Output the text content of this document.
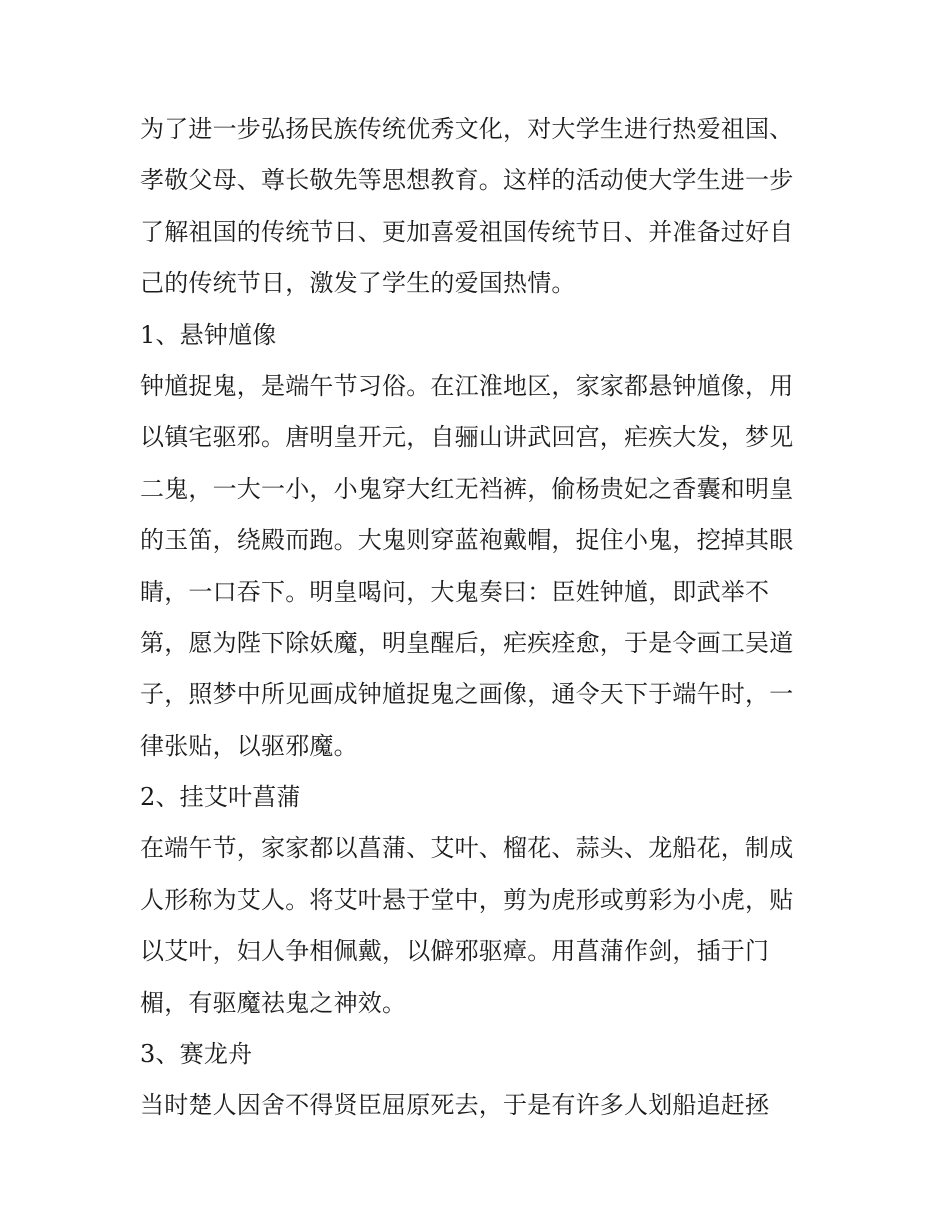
为了进一步弘扬民族传统优秀文化，对大学生进行热爱祖国、
孝敬父母、尊长敬先等思想教育。这样的活动使大学生进一步
了解祖国的传统节日、更加喜爱祖国传统节日、并准备过好自
己的传统节日，激发了学生的爱国热情。
1、悬钟馗像
钟馗捉鬼，是端午节习俗。在江淮地区，家家都悬钟馗像，用
以镇宅驱邪。唐明皇开元，自骊山讲武回宫，疟疾大发，梦见
二鬼，一大一小，小鬼穿大红无裆裤，偷杨贵妃之香囊和明皇
的玉笛，绕殿而跑。大鬼则穿蓝袍戴帽，捉住小鬼，挖掉其眼
睛，一口吞下。明皇喝问，大鬼奏曰：臣姓钟馗，即武举不
第，愿为陛下除妖魔，明皇醒后，疟疾痊愈，于是令画工吴道
子，照梦中所见画成钟馗捉鬼之画像，通令天下于端午时，一
律张贴，以驱邪魔。
2、挂艾叶菖蒲
在端午节，家家都以菖蒲、艾叶、榴花、蒜头、龙船花，制成
人形称为艾人。将艾叶悬于堂中，剪为虎形或剪彩为小虎，贴
以艾叶，妇人争相佩戴，以僻邪驱瘴。用菖蒲作剑，插于门
楣，有驱魔祛鬼之神效。
3、赛龙舟
当时楚人因舍不得贤臣屈原死去，于是有许多人划船追赶拯
